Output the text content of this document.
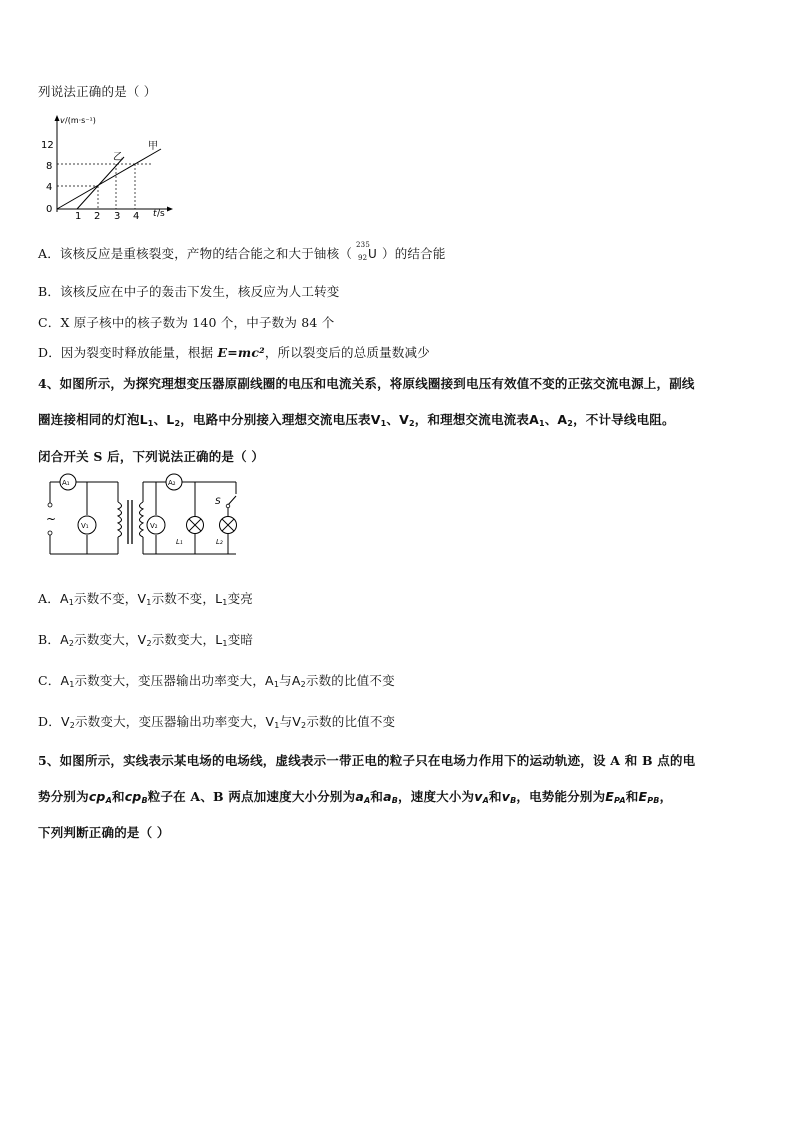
列说法正确的是（ ）
v /(m·s⁻¹)
t /s
12
8
4
0
1 2 3 4
甲
乙
A．该核反应是重核裂变，产物的结合能之和大于铀核（
235
92 U ）的结合能
B．该核反应在中子的轰击下发生，核反应为人工转变
C．X 原子核中的核子数为 140 个，中子数为 84 个
D．因为裂变时释放能量，根据 E=mc²，所以裂变后的总质量数减少
4、如图所示，为探究理想变压器原副线圈的电压和电流关系，将原线圈接到电压有效值不变的正弦交流电源上，副线
圈连接相同的灯泡$L_1$、$L_2$，电路中分别接入理想交流电压表$V_1$、$V_2$，和理想交流电流表$A_1$、$A_2$，不计导线电阻。
闭合开关 S 后，下列说法正确的是（ ）
~
A₁
V₁
A₂
V₂
L₁	L₂
S
A．$A_1$示数不变，$V_1$示数不变，$L_1$变亮
B．$A_2$示数变大，$V_2$示数变大，$L_1$变暗
C．$A_1$示数变大，变压器输出功率变大，$A_1$与$A_2$示数的比值不变
D．$V_2$示数变大，变压器输出功率变大，$V_1$与$V_2$示数的比值不变
5、如图所示，实线表示某电场的电场线，虚线表示一带正电的粒子只在电场力作用下的运动轨迹，设 A 和 B 点的电
势分别为$cp_A$和$cp_B$粒子在 A、B 两点加速度大小分别为$a_A$和$a_B$，速度大小为$v_A$和$v_B$，电势能分别为$E_{PA}$和$E_{PB}$，
下列判断正确的是（ ）
